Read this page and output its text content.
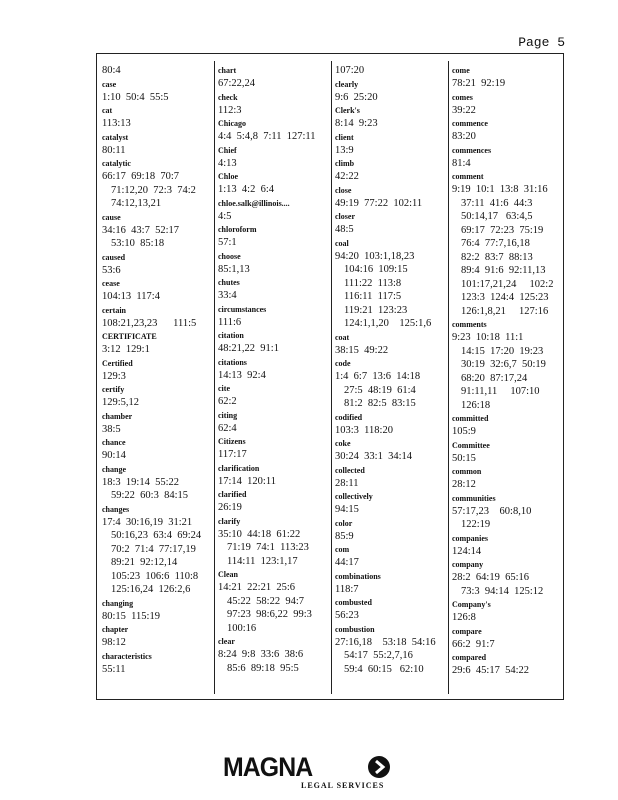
Page 5
80:4
case
1:10  50:4  55:5
cat
113:13
catalyst
80:11
catalytic
66:17  69:18  70:7
71:12,20  72:3  74:2
74:12,13,21
cause
34:16  43:7  52:17
53:10  85:18
caused
53:6
cease
104:13  117:4
certain
108:21,23,23      111:5
CERTIFICATE
3:12  129:1
Certified
129:3
certify
129:5,12
chamber
38:5
chance
90:14
change
18:3  19:14  55:22
59:22  60:3  84:15
changes
17:4  30:16,19  31:21
50:16,23  63:4  69:24
70:2  71:4  77:17,19
89:21  92:12,14
105:23  106:6  110:8
125:16,24  126:2,6
changing
80:15  115:19
chapter
98:12
characteristics
55:11
chart
67:22,24
check
112:3
Chicago
4:4  5:4,8  7:11  127:11
Chief
4:13
Chloe
1:13  4:2  6:4
chloe.salk@illinois....
4:5
chloroform
57:1
choose
85:1,13
chutes
33:4
circumstances
111:6
citation
48:21,22  91:1
citations
14:13  92:4
cite
62:2
citing
62:4
Citizens
117:17
clarification
17:14  120:11
clarified
26:19
clarify
35:10  44:18  61:22
71:19  74:1  113:23
114:11  123:1,17
Clean
14:21  22:21  25:6
45:22  58:22  94:7
97:23  98:6,22  99:3
100:16
clear
8:24  9:8  33:6  38:6
85:6  89:18  95:5
107:20
clearly
9:6  25:20
Clerk's
8:14  9:23
client
13:9
climb
42:22
close
49:19  77:22  102:11
closer
48:5
coal
94:20  103:1,18,23
104:16  109:15
111:22  113:8
116:11  117:5
119:21  123:23
124:1,1,20    125:1,6
coat
38:15  49:22
code
1:4  6:7  13:6  14:18
27:5  48:19  61:4
81:2  82:5  83:15
codified
103:3  118:20
coke
30:24  33:1  34:14
collected
28:11
collectively
94:15
color
85:9
com
44:17
combinations
118:7
combusted
56:23
combustion
27:16,18    53:18  54:16
54:17  55:2,7,16
59:4  60:15   62:10
come
78:21  92:19
comes
39:22
commence
83:20
commences
81:4
comment
9:19  10:1  13:8  31:16
37:11  41:6  44:3
50:14,17   63:4,5
69:17  72:23  75:19
76:4  77:7,16,18
82:2  83:7  88:13
89:4  91:6  92:11,13
101:17,21,24     102:2
123:3  124:4  125:23
126:1,8,21     127:16
comments
9:23  10:18  11:1
14:15  17:20  19:23
30:19  32:6,7  50:19
68:20  87:17,24
91:11,11     107:10
126:18
committed
105:9
Committee
50:15
common
28:12
communities
57:17,23    60:8,10
122:19
companies
124:14
company
28:2  64:19  65:16
73:3  94:14  125:12
Company's
126:8
compare
66:2  91:7
compared
29:6  45:17  54:22
MAGNA
LEGAL SERVICES
